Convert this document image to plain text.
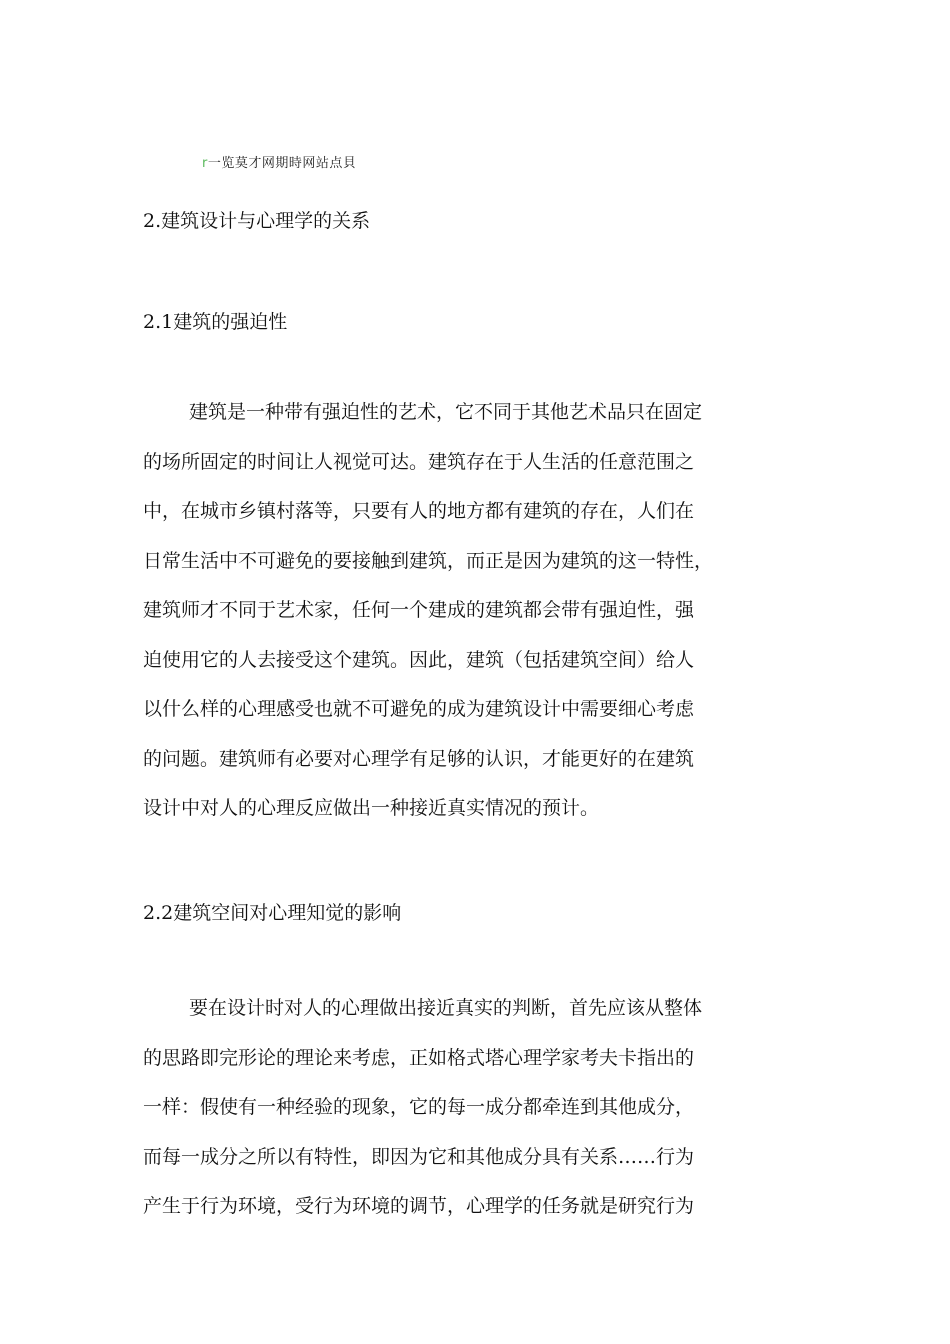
r一览莫才网期時网站点貝
2.建筑设计与心理学的关系
2.1建筑的强迫性
建筑是一种带有强迫性的艺术，它不同于其他艺术品只在固定
的场所固定的时间让人视觉可达。建筑存在于人生活的任意范围之
中，在城市乡镇村落等，只要有人的地方都有建筑的存在，人们在
日常生活中不可避免的要接触到建筑，而正是因为建筑的这一特性，
建筑师才不同于艺术家，任何一个建成的建筑都会带有强迫性，强
迫使用它的人去接受这个建筑。因此，建筑（包括建筑空间）给人
以什么样的心理感受也就不可避免的成为建筑设计中需要细心考虑
的问题。建筑师有必要对心理学有足够的认识，才能更好的在建筑
设计中对人的心理反应做出一种接近真实情况的预计。
2.2建筑空间对心理知觉的影响
要在设计时对人的心理做出接近真实的判断，首先应该从整体
的思路即完形论的理论来考虑，正如格式塔心理学家考夫卡指出的
一样：假使有一种经验的现象，它的每一成分都牵连到其他成分，
而每一成分之所以有特性，即因为它和其他成分具有关系……行为
产生于行为环境，受行为环境的调节，心理学的任务就是研究行为
